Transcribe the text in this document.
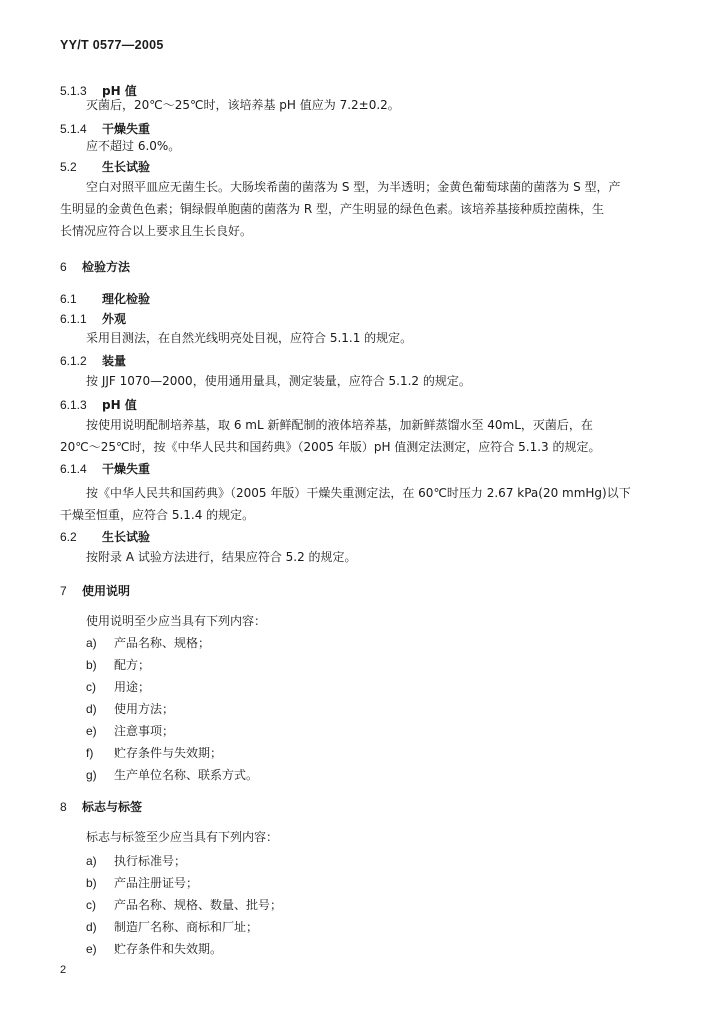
YY/T 0577—2005
5.1.3 pH 值
灭菌后，20℃～25℃时，该培养基 pH 值应为 7.2±0.2。
5.1.4 干燥失重
应不超过 6.0%。
5.2 生长试验
空白对照平皿应无菌生长。大肠埃希菌的菌落为 S 型，为半透明；金黄色葡萄球菌的菌落为 S 型，产
生明显的金黄色色素；铜绿假单胞菌的菌落为 R 型，产生明显的绿色色素。该培养基接种质控菌株，生
长情况应符合以上要求且生长良好。
6 检验方法
6.1 理化检验
6.1.1 外观
采用目测法，在自然光线明亮处目视，应符合 5.1.1 的规定。
6.1.2 装量
按 JJF 1070—2000，使用通用量具，测定装量，应符合 5.1.2 的规定。
6.1.3 pH 值
按使用说明配制培养基，取 6 mL 新鲜配制的液体培养基，加新鲜蒸馏水至 40mL，灭菌后，在
20℃～25℃时，按《中华人民共和国药典》（2005 年版）pH 值测定法测定，应符合 5.1.3 的规定。
6.1.4 干燥失重
按《中华人民共和国药典》（2005 年版）干燥失重测定法，在 60℃时压力 2.67 kPa(20 mmHg)以下
干燥至恒重，应符合 5.1.4 的规定。
6.2 生长试验
按附录 A 试验方法进行，结果应符合 5.2 的规定。
7 使用说明
使用说明至少应当具有下列内容：
a) 产品名称、规格；
b) 配方；
c) 用途；
d) 使用方法；
e) 注意事项；
f) 贮存条件与失效期；
g) 生产单位名称、联系方式。
8 标志与标签
标志与标签至少应当具有下列内容：
a) 执行标准号；
b) 产品注册证号；
c) 产品名称、规格、数量、批号；
d) 制造厂名称、商标和厂址；
e) 贮存条件和失效期。
2
